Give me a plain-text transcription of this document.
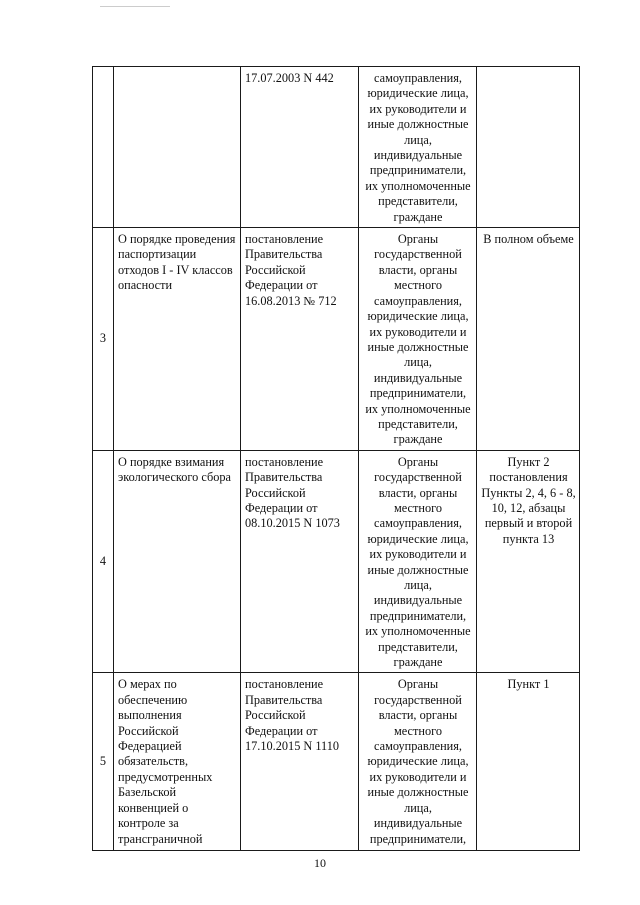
		17.07.2003 N 442	самоуправления, юридические лица, их руководители и иные должностные лица, индивидуальные предприниматели, их уполномоченные представители, граждане	
3	О порядке проведения паспортизации отходов I - IV классов опасности	постановление Правительства Российской Федерации от 16.08.2013 № 712	Органы государственной власти, органы местного самоуправления, юридические лица, их руководители и иные должностные лица, индивидуальные предприниматели, их уполномоченные представители, граждане	В полном объеме
4	О порядке взимания экологического сбора	постановление Правительства Российской Федерации от 08.10.2015 N 1073	Органы государственной власти, органы местного самоуправления, юридические лица, их руководители и иные должностные лица, индивидуальные предприниматели, их уполномоченные представители, граждане	Пункт 2 постановления Пункты 2, 4, 6 - 8, 10, 12, абзацы первый и второй пункта 13
5	О мерах по обеспечению выполнения Российской Федерацией обязательств, предусмотренных Базельской конвенцией о контроле за трансграничной	постановление Правительства Российской Федерации от 17.10.2015 N 1110	Органы государственной власти, органы местного самоуправления, юридические лица, их руководители и иные должностные лица, индивидуальные предприниматели,	Пункт 1
10
